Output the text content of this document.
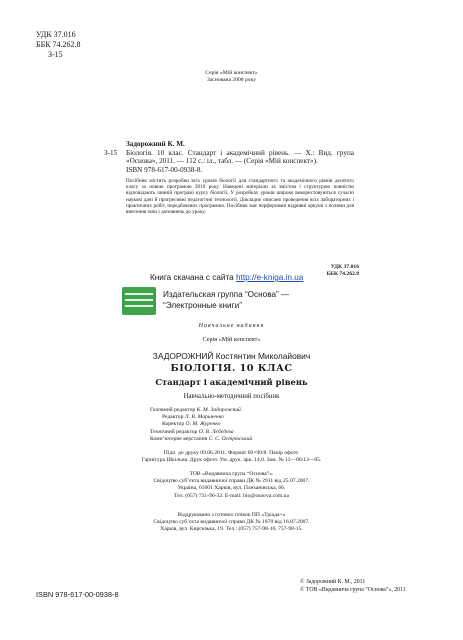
УДК 37.016
ББК 74.262.8
З-15
Серія «Мій конспект»
Заснована 2008 року
Задорожний К. М.
З-15	Біологія. 10 клас. Стандарт і академічний рівень. — Х.: Вид. група «Основа», 2011. — 112 с.: іл., табл. — (Серія «Мій конспект»).
ISBN 978-617-00-0938-8.
Посібник містить розробки всіх уроків біології для стандартного та академічного рівнів десятого класу за новою програмою 2010 року. Наведені матеріали за змістом і структурою повністю відповідають чинній програмі курсу біології. У розробках уроків широко використовуються сучасні наукові дані й прогресивні педагогічні технології. Докладно описано проведення всіх лабораторних і практичних робіт, передбачених програмою. Посібник має перфоровані відривні аркуші з полями для внесення змін і доповнень до уроку.
УДК 37.016
ББК 74.262.8
Книга скачана с сайта http://e-kniga.in.ua
Издательская группа “Основа” —
“Электронные книги”
Навчальне видання
Серія «Мій конспект»
ЗАДОРОЖНИЙ Костянтин Миколайович
БІОЛОГІЯ. 10 КЛАС
Стандарт і академічний рівень
Навчально-методичний посібник
Головний редактор К. М. Задорожний
Редактор Л. В. Мариненко
Коректор О. М. Журенко
Технічний редактор О. В. Лєбєдєва
Комп’ютерне верстання С. С. Острівський
Підп. до друку 09.06.2011. Формат 60×90/8. Папір офсет.
Гарнітура Шкільна. Друк офсет. Ум. друк. арк. 14,0. Зам. № 11—06/13—05.
ТОВ «Видавнича група “Основа”».
Свідоцтво суб’єкта видавничої справи ДК № 2911 від 25.07.2007.
Україна, 61001 Харків, вул. Плеханівська, 66.
Тел. (057) 731-96-32. E-mail: bio@osnova.com.ua
Віддруковано з готових плівок ПП «Тріада+»
Свідоцтво суб’єкта видавничої справи ДК № 1870 від 16.07.2007.
Харків, вул. Киргизька, 19. Тел.: (057) 757-98-16, 757-98-15.
ISBN 978-617-00-0938-8
© Задорожний К. М., 2011
© ТОВ «Видавнича група “Основа”», 2011
